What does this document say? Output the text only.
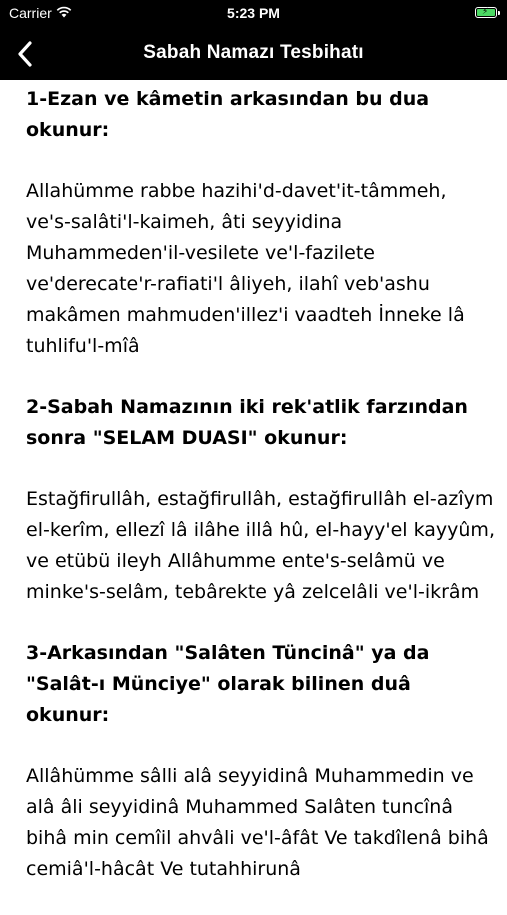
Carrier	5:23 PM	⚡
Sabah Namazı Tesbihatı
1-Ezan ve kâmetin arkasından bu dua okunur:
Allahümme rabbe hazihi'd-davet'it-tâmmeh, ve's-salâti'l-kaimeh, âti seyyidina Muhammeden'il-vesilete ve'l-fazilete ve'derecate'r-rafiati'l âliyeh, ilahî veb'ashu makâmen mahmuden'illez'i vaadteh İnneke lâ tuhlifu'l-mîâ
2-Sabah Namazının iki rek'atlik farzından sonra "SELAM DUASI" okunur:
Estağfirullâh, estağfirullâh, estağfirullâh el-azîym el-kerîm, ellezî lâ ilâhe illâ hû, el-hayy'el kayyûm, ve etübü ileyh Allâhumme ente's-selâmü ve minke's-selâm, tebârekte yâ zelcelâli ve'l-ikrâm
3-Arkasından "Salâten Tüncinâ" ya da "Salât-ı Münciye" olarak bilinen duâ okunur:
Allâhümme sâlli alâ seyyidinâ Muhammedin ve alâ âli seyyidinâ Muhammed Salâten tuncînâ bihâ min cemîil ahvâli ve'l-âfât Ve takdîlenâ bihâ cemiâ'l-hâcât Ve tutahhirunâ
